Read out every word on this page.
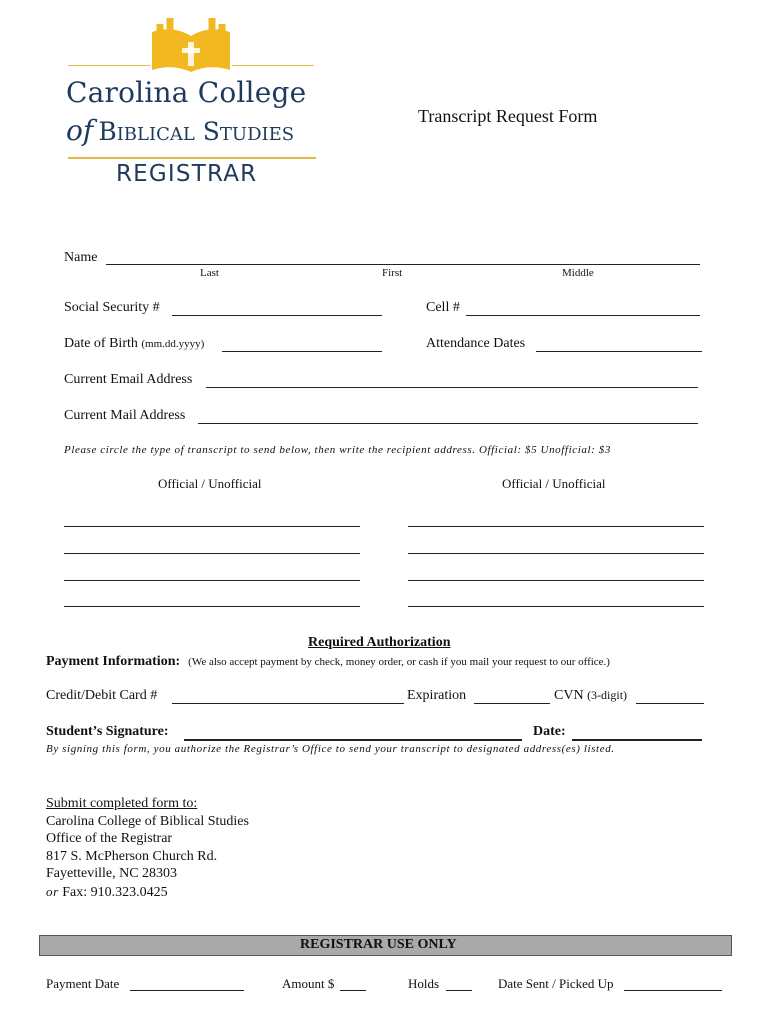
Carolina College
of Biblical Studies
REGISTRAR
Transcript Request Form
Name
Last	First	Middle
Social Security #	Cell #
Date of Birth (mm.dd.yyyy)	Attendance Dates
Current Email Address
Current Mail Address
Please circle the type of transcript to send below, then write the recipient address. Official: $5 Unofficial: $3
Official / Unofficial	Official / Unofficial
Required Authorization
Payment Information: (We also accept payment by check, money order, or cash if you mail your request to our office.)
Credit/Debit Card #	Expiration	CVN (3-digit)
Student’s Signature:	Date:
By signing this form, you authorize the Registrar’s Office to send your transcript to designated address(es) listed.
Submit completed form to:
Carolina College of Biblical Studies
Office of the Registrar
817 S. McPherson Church Rd.
Fayetteville, NC 28303
or Fax: 910.323.0425
REGISTRAR USE ONLY
Payment Date	Amount $	Holds	Date Sent / Picked Up
